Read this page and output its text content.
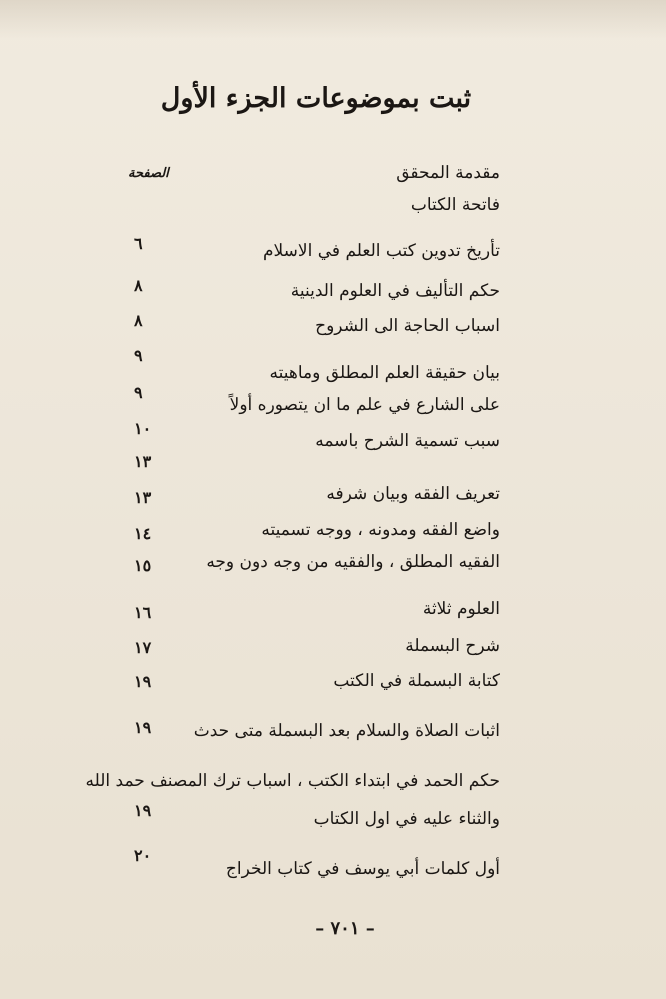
ثبت بموضوعات الجزء الأول
الصفحة	مقدمة المحقق
فاتحة الكتاب
تأريخ تدوين كتب العلم في الاسلام
٦
حكم التأليف في العلوم الدينية
٨
اسباب الحاجة الى الشروح
٨
٩
بيان حقيقة العلم المطلق وماهيته
٩
على الشارع في علم ما ان يتصوره أولاً
١٠
سبب تسمية الشرح باسمه
١٣
تعريف الفقه وبيان شرفه
١٣
واضع الفقه ومدونه ، ووجه تسميته
١٤
الفقيه المطلق ، والفقيه من وجه دون وجه
١٥
العلوم ثلاثة
١٦
شرح البسملة
١٧
كتابة البسملة في الكتب
١٩
اثبات الصلاة والسلام بعد البسملة متى حدث
١٩
حكم الحمد في ابتداء الكتب ، اسباب ترك المصنف حمد الله
والثناء عليه في اول الكتاب
١٩
أول كلمات أبي يوسف في كتاب الخراج
٢٠
– ٧٠١ –
